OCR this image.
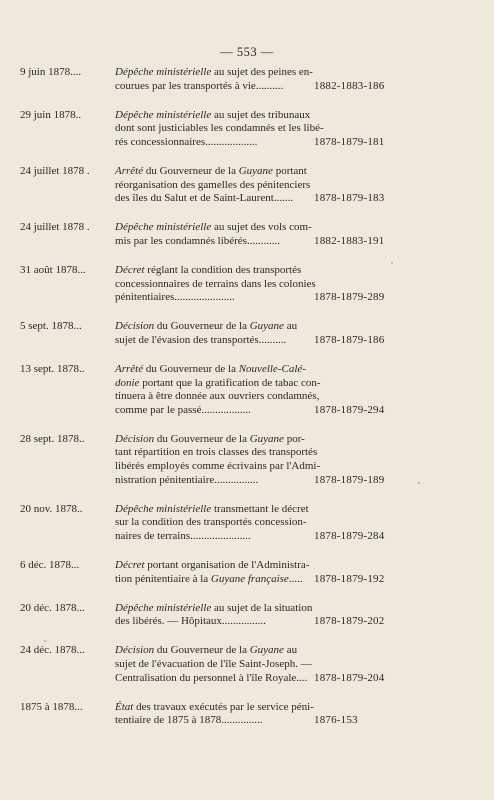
— 553 —
9 juin 1878....	Dépêche ministérielle au sujet des peines en-
courues par les transportés à vie..........	1882-1883-186
29 juin 1878..	Dépêche ministérielle au sujet des tribunaux
dont sont justiciables les condamnés et les libé-
rés concessionnaires...................	1878-1879-181
24 juillet 1878 .	Arrêté du Gouverneur de la Guyane portant
réorganisation des gamelles des pénitenciers
des îles du Salut et de Saint-Laurent.......	1878-1879-183
24 juillet 1878 .	Dépêche ministérielle au sujet des vols com-
mis par les condamnés libérés............	1882-1883-191
31 août 1878...	Décret réglant la condition des transportés
concessionnaires de terrains dans les colonies
pénitentiaires......................	1878-1879-289
5 sept. 1878...	Décision du Gouverneur de la Guyane au
sujet de l'évasion des transportés..........	1878-1879-186
13 sept. 1878..	Arrêté du Gouverneur de la Nouvelle-Calé-
donie portant que la gratification de tabac con-
tinuera à être donnée aux ouvriers condamnés,
comme par le passé..................	1878-1879-294
28 sept. 1878..	Décision du Gouverneur de la Guyane por-
tant répartition en trois classes des transportés
libérés employés comme écrivains par l'Admi-
nistration pénitentiaire................	1878-1879-189
20 nov. 1878..	Dépêche ministérielle transmettant le décret
sur la condition des transportés concession-
naires de terrains......................	1878-1879-284
6 déc. 1878...	Décret portant organisation de l'Administra-
tion pénitentiaire à la Guyane française.....	1878-1879-192
20 déc. 1878...	Dépêche ministérielle au sujet de la situation
des libérés. — Hôpitaux................	1878-1879-202
24 déc. 1878...	Décision du Gouverneur de la Guyane au
sujet de l'évacuation de l'île Saint-Joseph. —
Centralisation du personnel à l'île Royale.... 1878-1879-204
1875 à 1878...	État des travaux exécutés par le service péni-
tentiaire de 1875 à 1878...............	1876-153
